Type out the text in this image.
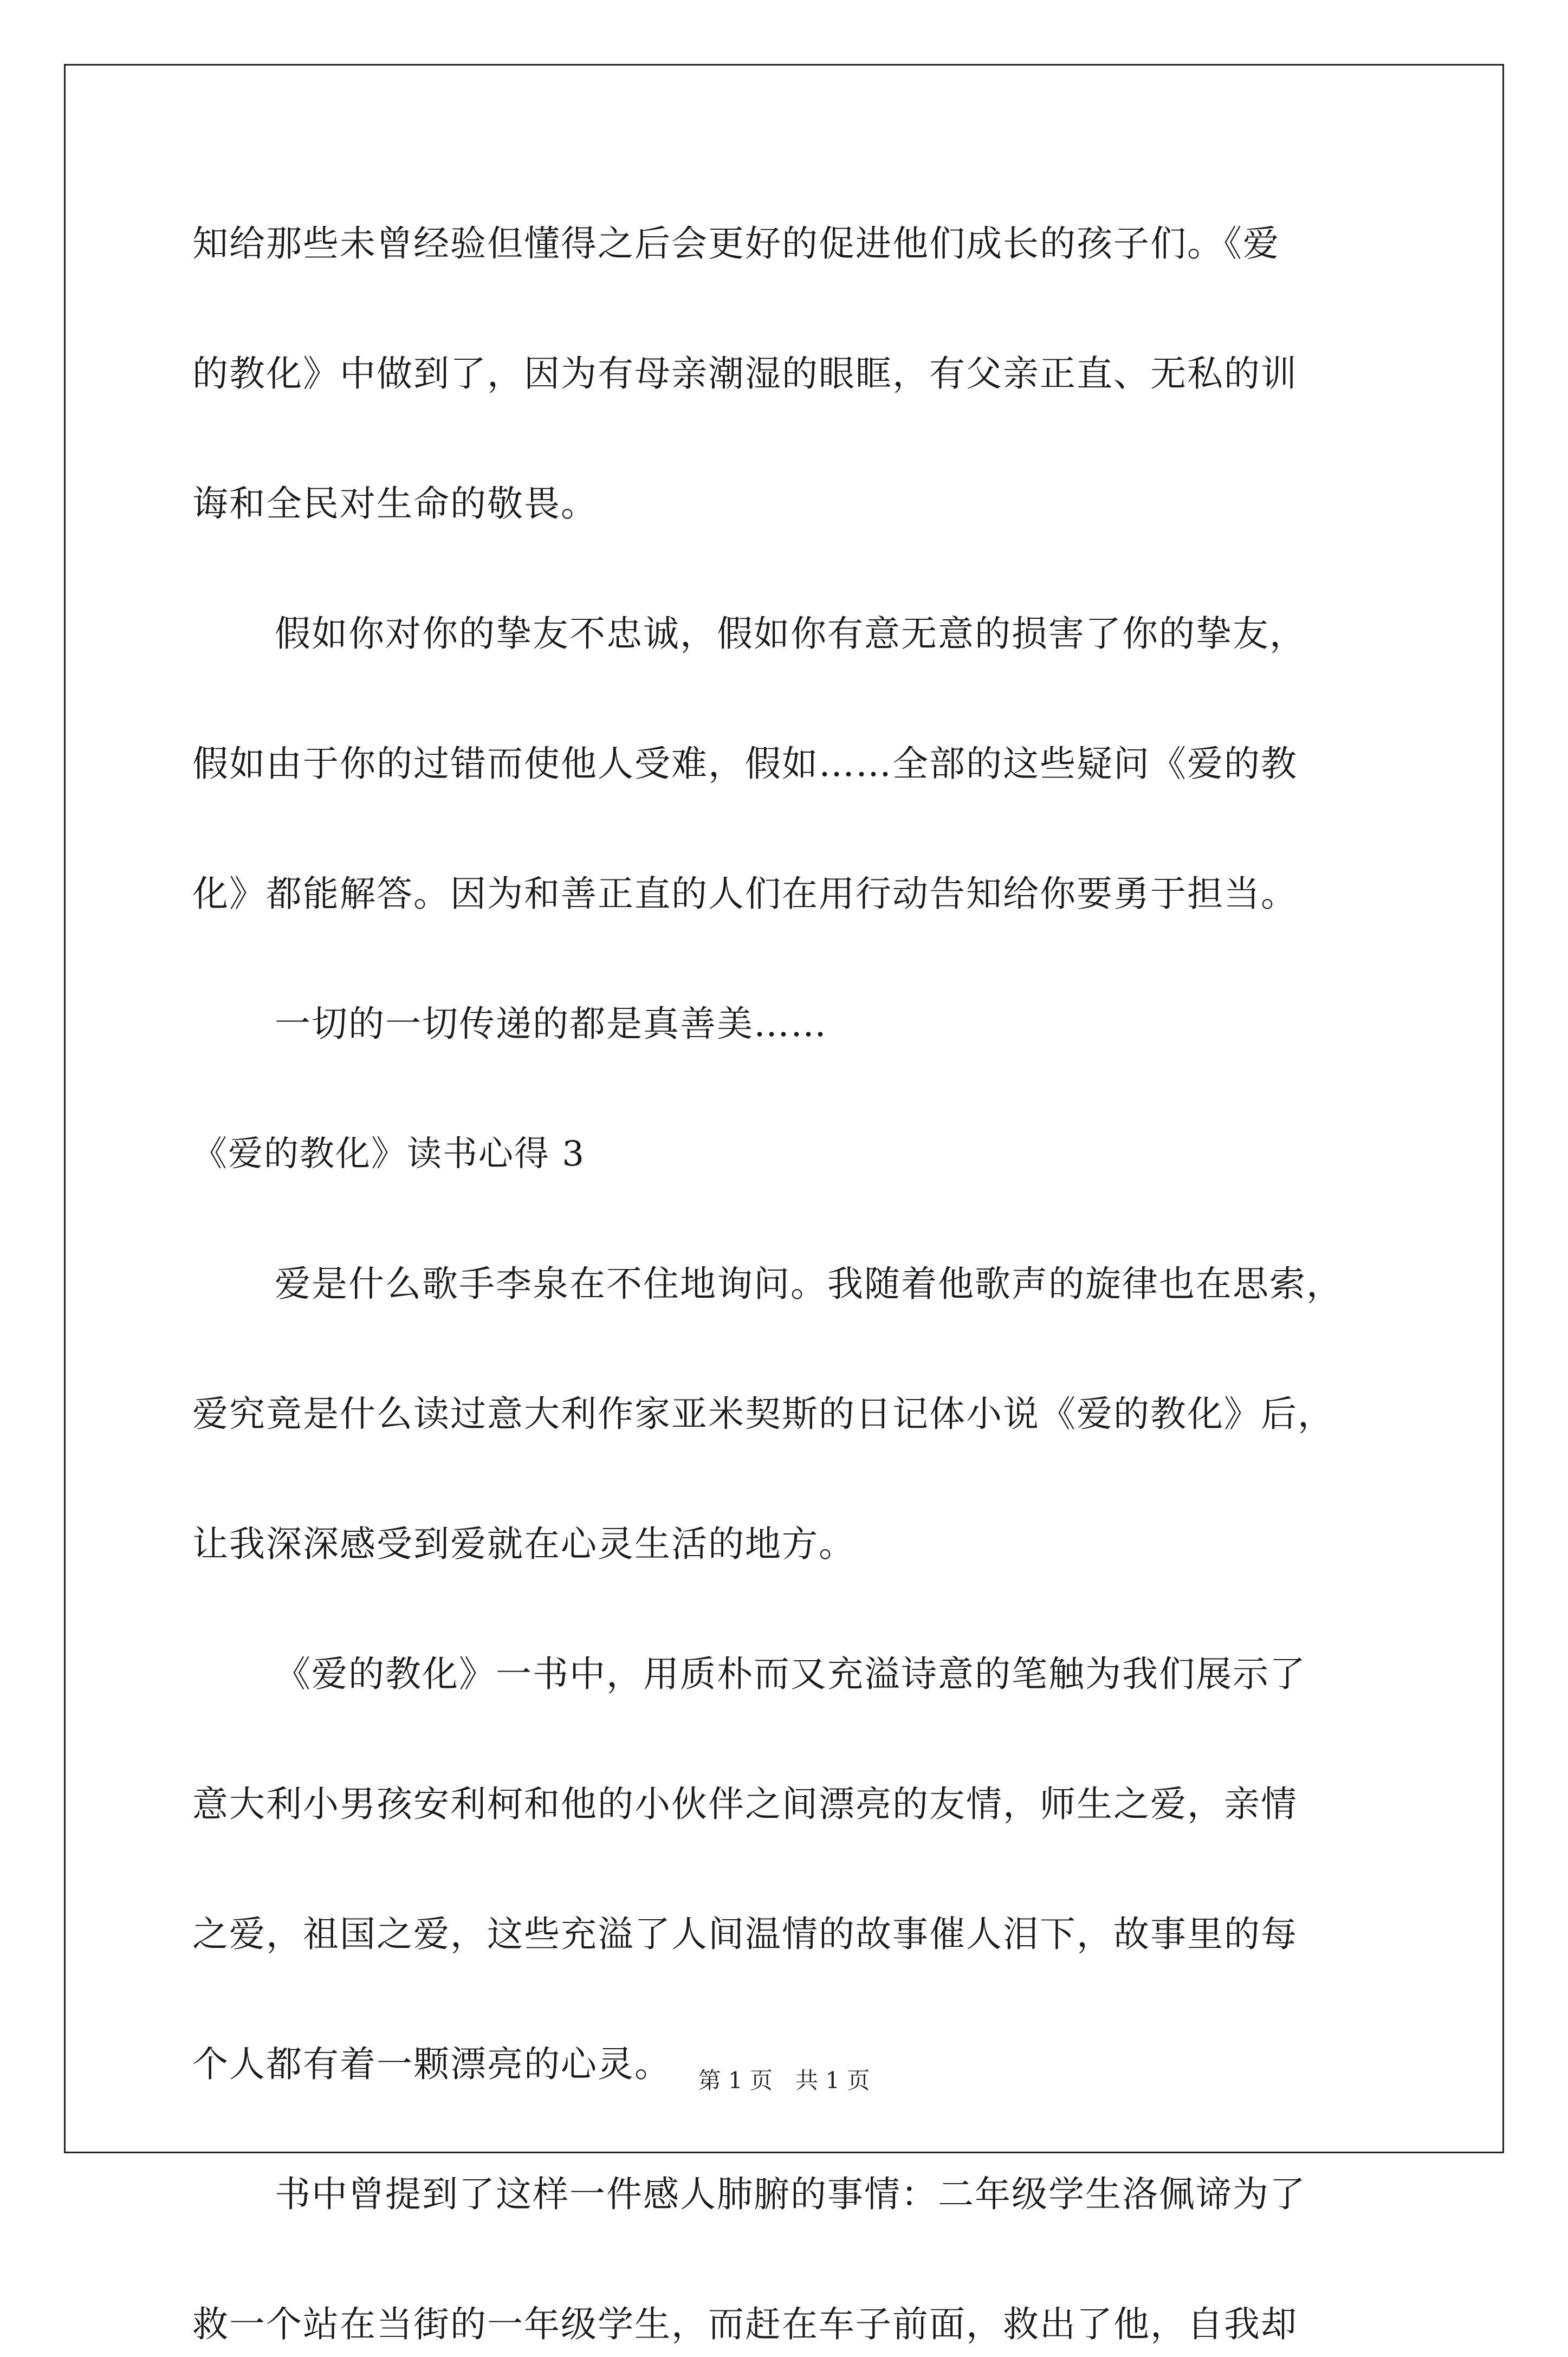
知给那些未曾经验但懂得之后会更好的促进他们成长的孩子们。《爱
的教化》中做到了，因为有母亲潮湿的眼眶，有父亲正直、无私的训
诲和全民对生命的敬畏。
假如你对你的挚友不忠诚，假如你有意无意的损害了你的挚友，
假如由于你的过错而使他人受难，假如……全部的这些疑问《爱的教
化》都能解答。因为和善正直的人们在用行动告知给你要勇于担当。
一切的一切传递的都是真善美……
《爱的教化》读书心得 3
爱是什么歌手李泉在不住地询问。我随着他歌声的旋律也在思索，
爱究竟是什么读过意大利作家亚米契斯的日记体小说《爱的教化》后，
让我深深感受到爱就在心灵生活的地方。
《爱的教化》一书中，用质朴而又充溢诗意的笔触为我们展示了
意大利小男孩安利柯和他的小伙伴之间漂亮的友情，师生之爱，亲情
之爱，祖国之爱，这些充溢了人间温情的故事催人泪下，故事里的每
个人都有着一颗漂亮的心灵。
书中曾提到了这样一件感人肺腑的事情：二年级学生洛佩谛为了
救一个站在当街的一年级学生，而赶在车子前面，救出了他，自我却
第 1 页　共 1 页
